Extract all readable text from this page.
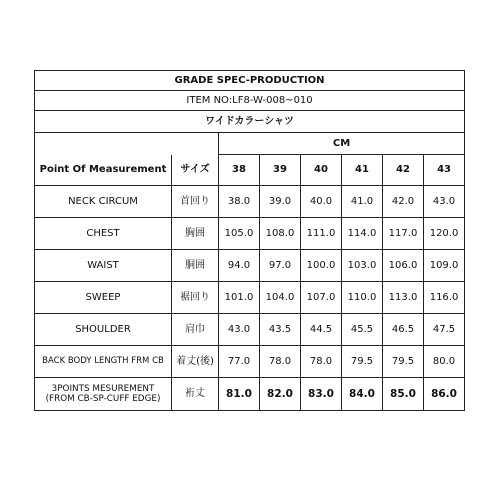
GRADE SPEC-PRODUCTION							
ITEM NO:LF8-W-008~010							
ワイドカラーシャツ							
		CM					
Point Of Measurement	サイズ	38	39	40	41	42	43
NECK CIRCUM	首回り	38.0	39.0	40.0	41.0	42.0	43.0
CHEST	胸囲	105.0	108.0	111.0	114.0	117.0	120.0
WAIST	胴囲	94.0	97.0	100.0	103.0	106.0	109.0
SWEEP	裾回り	101.0	104.0	107.0	110.0	113.0	116.0
SHOULDER	肩巾	43.0	43.5	44.5	45.5	46.5	47.5
BACK BODY LENGTH FRM CB	着丈(後)	77.0	78.0	78.0	79.5	79.5	80.0
3POINTS MESUREMENT
(FROM CB-SP-CUFF EDGE)	裄丈	81.0	82.0	83.0	84.0	85.0	86.0
